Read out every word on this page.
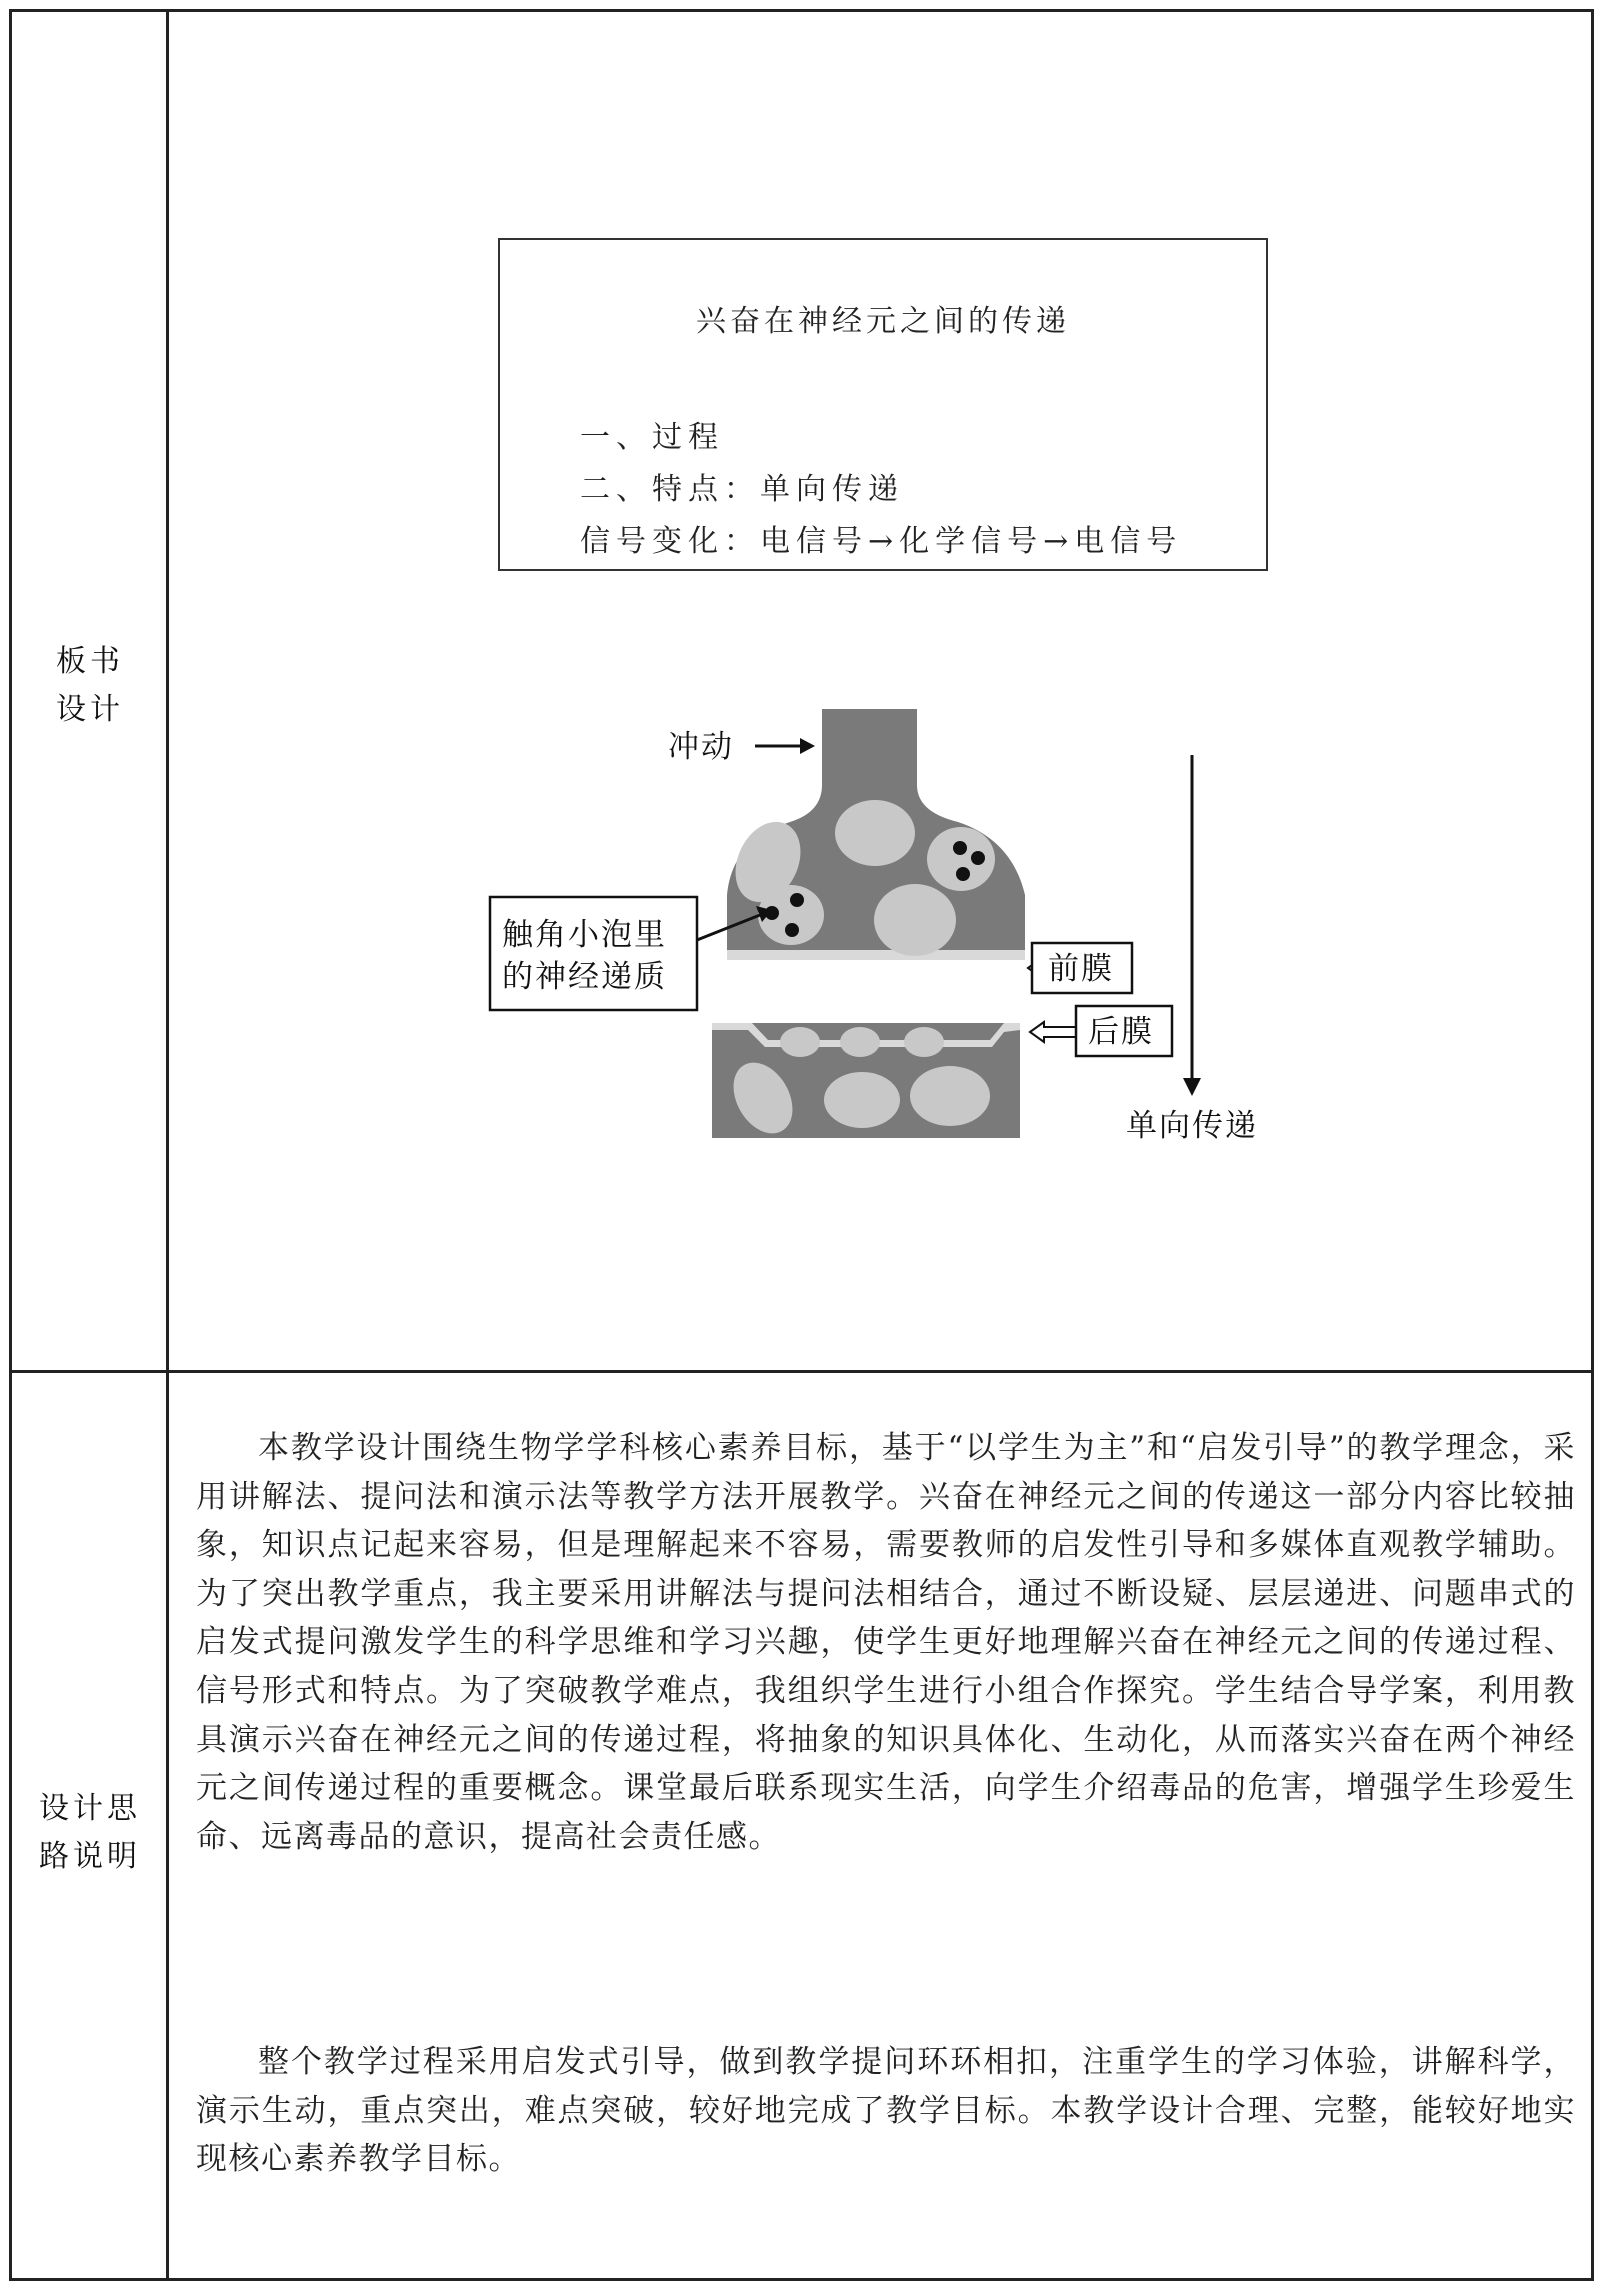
板书
设计
设计思
路说明
兴奋在神经元之间的传递
一、过程
二、特点：单向传递
信号变化：电信号→化学信号→电信号
冲动
触角小泡里
的神经递质	前膜
后膜
单向传递

本教学设计围绕生物学学科核心素养目标，基于“以学生为主”和“启发引导”的教学理念，采用讲解法、提问法和演示法等教学方法开展教学。兴奋在神经元之间的传递这一部分内容比较抽象，知识点记起来容易，但是理解起来不容易，需要教师的启发性引导和多媒体直观教学辅助。为了突出教学重点，我主要采用讲解法与提问法相结合，通过不断设疑、层层递进、问题串式的启发式提问激发学生的科学思维和学习兴趣，使学生更好地理解兴奋在神经元之间的传递过程、信号形式和特点。为了突破教学难点，我组织学生进行小组合作探究。学生结合导学案，利用教具演示兴奋在神经元之间的传递过程，将抽象的知识具体化、生动化，从而落实兴奋在两个神经元之间传递过程的重要概念。课堂最后联系现实生活，向学生介绍毒品的危害，增强学生珍爱生命、远离毒品的意识，提高社会责任感。

整个教学过程采用启发式引导，做到教学提问环环相扣，注重学生的学习体验，讲解科学，演示生动，重点突出，难点突破，较好地完成了教学目标。本教学设计合理、完整，能较好地实现核心素养教学目标。
